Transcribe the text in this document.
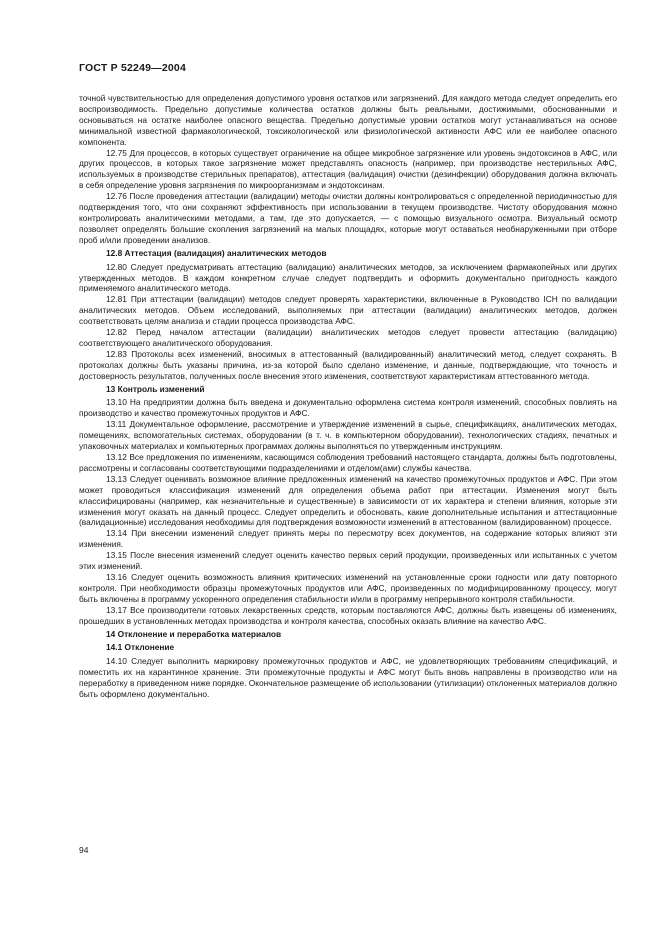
ГОСТ Р 52249—2004

точной чувствительностью для определения допустимого уровня остатков или загрязнений. Для каждого метода следует определить его воспроизводимость. Предельно допустимые количества остатков должны быть реальными, достижимыми, обоснованными и основываться на остатке наиболее опасного вещества. Предельно допустимые уровни остатков могут устанавливаться на основе минимальной известной фармакологической, токсикологической или физиологической активности АФС или ее наиболее опасного компонента.

12.75 Для процессов, в которых существует ограничение на общее микробное загрязнение или уровень эндотоксинов в АФС, или других процессов, в которых такое загрязнение может представлять опасность (например, при производстве нестерильных АФС, используемых в производстве стерильных препаратов), аттестация (валидация) очистки (дезинфекции) оборудования должна включать в себя определение уровня загрязнения по микроорганизмам и эндотоксинам.

12.76 После проведения аттестации (валидации) методы очистки должны контролироваться с определенной периодичностью для подтверждения того, что они сохраняют эффективность при использовании в текущем производстве. Чистоту оборудования можно контролировать аналитическими методами, а там, где это допускается, — с помощью визуального осмотра. Визуальный осмотр позволяет определять большие скопления загрязнений на малых площадях, которые могут оставаться необнаруженными при отборе проб и/или проведении анализов.

12.8 Аттестация (валидация) аналитических методов

12.80 Следует предусматривать аттестацию (валидацию) аналитических методов, за исключением фармакопейных или других утвержденных методов. В каждом конкретном случае следует подтвердить и оформить документально пригодность каждого применяемого аналитического метода.

12.81 При аттестации (валидации) методов следует проверять характеристики, включенные в Руководство ICH по валидации аналитических методов. Объем исследований, выполняемых при аттестации (валидации) аналитических методов, должен соответствовать целям анализа и стадии процесса производства АФС.

12.82 Перед началом аттестации (валидации) аналитических методов следует провести аттестацию (валидацию) соответствующего аналитического оборудования.

12.83 Протоколы всех изменений, вносимых в аттестованный (валидированный) аналитический метод, следует сохранять. В протоколах должны быть указаны причина, из-за которой было сделано изменение, и данные, подтверждающие, что точность и достоверность результатов, полученных после внесения этого изменения, соответствуют характеристикам аттестованного метода.

13 Контроль изменений

13.10 На предприятии должна быть введена и документально оформлена система контроля изменений, способных повлиять на производство и качество промежуточных продуктов и АФС.

13.11 Документальное оформление, рассмотрение и утверждение изменений в сырье, спецификациях, аналитических методах, помещениях, вспомогательных системах, оборудовании (в т. ч. в компьютерном оборудовании), технологических стадиях, печатных и упаковочных материалах и компьютерных программах должны выполняться по утвержденным инструкциям.

13.12 Все предложения по изменениям, касающимся соблюдения требований настоящего стандарта, должны быть подготовлены, рассмотрены и согласованы соответствующими подразделениями и отделом(ами) службы качества.

13.13 Следует оценивать возможное влияние предложенных изменений на качество промежуточных продуктов и АФС. При этом может проводиться классификация изменений для определения объема работ при аттестации. Изменения могут быть классифицированы (например, как незначительные и существенные) в зависимости от их характера и степени влияния, которые эти изменения могут оказать на данный процесс. Следует определить и обосновать, какие дополнительные испытания и аттестационные (валидационные) исследования необходимы для подтверждения возможности изменений в аттестованном (валидированном) процессе.

13.14 При внесении изменений следует принять меры по пересмотру всех документов, на содержание которых влияют эти изменения.

13.15 После внесения изменений следует оценить качество первых серий продукции, произведенных или испытанных с учетом этих изменений.

13.16 Следует оценить возможность влияния критических изменений на установленные сроки годности или дату повторного контроля. При необходимости образцы промежуточных продуктов или АФС, произведенных по модифицированному процессу, могут быть включены в программу ускоренного определения стабильности и/или в программу непрерывного контроля стабильности.

13.17 Все производители готовых лекарственных средств, которым поставляются АФС, должны быть извещены об изменениях, прошедших в установленных методах производства и контроля качества, способных оказать влияние на качество АФС.

14 Отклонение и переработка материалов

14.1 Отклонение

14.10 Следует выполнить маркировку промежуточных продуктов и АФС, не удовлетворяющих требованиям спецификаций, и поместить их на карантинное хранение. Эти промежуточные продукты и АФС могут быть вновь направлены в производство или на переработку в приведенном ниже порядке. Окончательное размещение об использовании (утилизации) отклоненных материалов должно быть оформлено документально.

94
